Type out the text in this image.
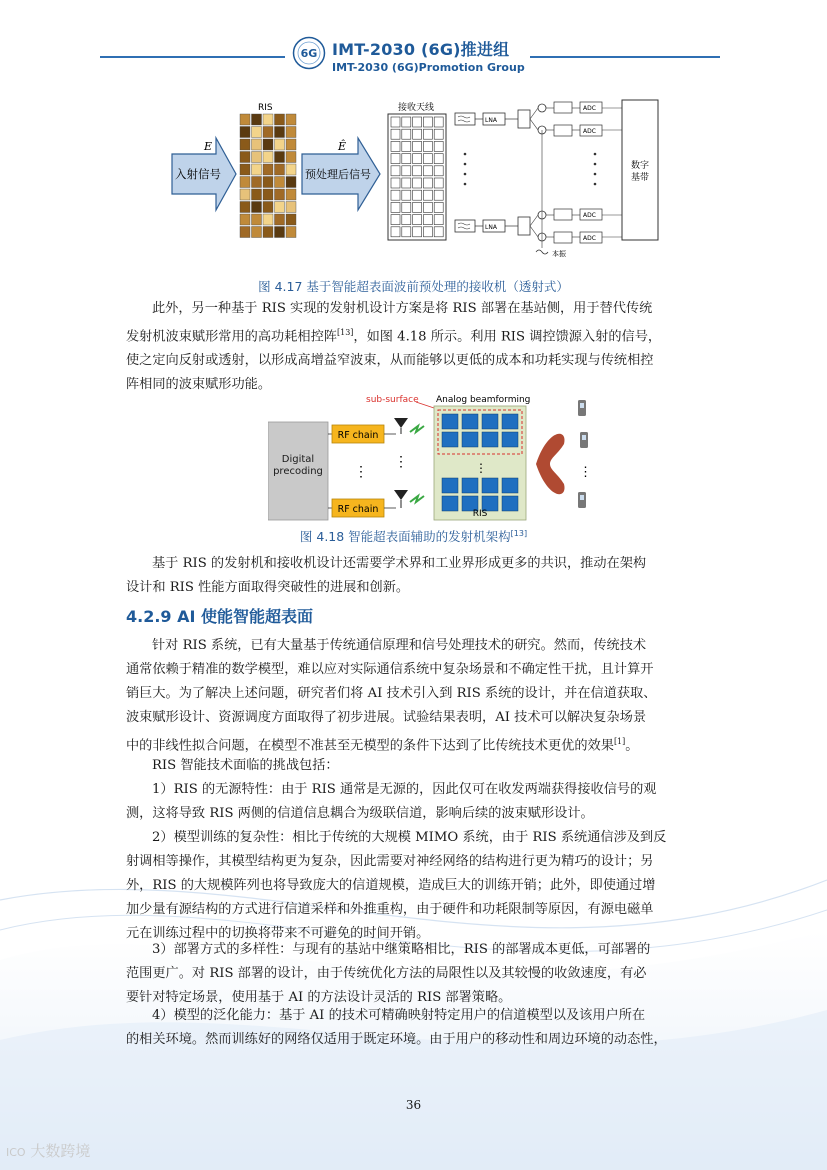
6G IMT-2030 (6G)推进组
IMT-2030 (6G)Promotion Group
E
入射信号
RIS
Ê
预处理后信号
接收天线
LNA
ADC
ADC
LNA
ADC
ADC
本振
数字基带
图 4.17 基于智能超表面波前预处理的接收机（透射式）
此外，另一种基于 RIS 实现的发射机设计方案是将 RIS 部署在基站侧，用于替代传统
发射机波束赋形常用的高功耗相控阵[13]，如图 4.18 所示。利用 RIS 调控馈源入射的信号，
使之定向反射或透射，以形成高增益窄波束，从而能够以更低的成本和功耗实现与传统相控
阵相同的波束赋形功能。
Digital precoding
RF chain
RF chain
⋮
⋮
sub-surface Analog beamforming
⋮
RIS
⋮
图 4.18 智能超表面辅助的发射机架构[13]
基于 RIS 的发射机和接收机设计还需要学术界和工业界形成更多的共识，推动在架构
设计和 RIS 性能方面取得突破性的进展和创新。
4.2.9 AI 使能智能超表面
针对 RIS 系统，已有大量基于传统通信原理和信号处理技术的研究。然而，传统技术
通常依赖于精准的数学模型，难以应对实际通信系统中复杂场景和不确定性干扰，且计算开
销巨大。为了解决上述问题，研究者们将 AI 技术引入到 RIS 系统的设计，并在信道获取、
波束赋形设计、资源调度方面取得了初步进展。试验结果表明，AI 技术可以解决复杂场景
中的非线性拟合问题，在模型不准甚至无模型的条件下达到了比传统技术更优的效果[1]。
RIS 智能技术面临的挑战包括：
1）RIS 的无源特性：由于 RIS 通常是无源的，因此仅可在收发两端获得接收信号的观
测，这将导致 RIS 两侧的信道信息耦合为级联信道，影响后续的波束赋形设计。
2）模型训练的复杂性：相比于传统的大规模 MIMO 系统，由于 RIS 系统通信涉及到反
射调相等操作，其模型结构更为复杂，因此需要对神经网络的结构进行更为精巧的设计；另
外，RIS 的大规模阵列也将导致庞大的信道规模，造成巨大的训练开销；此外，即使通过增
加少量有源结构的方式进行信道采样和外推重构，由于硬件和功耗限制等原因，有源电磁单
元在训练过程中的切换将带来不可避免的时间开销。
3）部署方式的多样性：与现有的基站中继策略相比，RIS 的部署成本更低，可部署的
范围更广。对 RIS 部署的设计，由于传统优化方法的局限性以及其较慢的收敛速度，有必
要针对特定场景，使用基于 AI 的方法设计灵活的 RIS 部署策略。
4）模型的泛化能力：基于 AI 的技术可精确映射特定用户的信道模型以及该用户所在
的相关环境。然而训练好的网络仅适用于既定环境。由于用户的移动性和周边环境的动态性，
36
ICO 大数跨境
